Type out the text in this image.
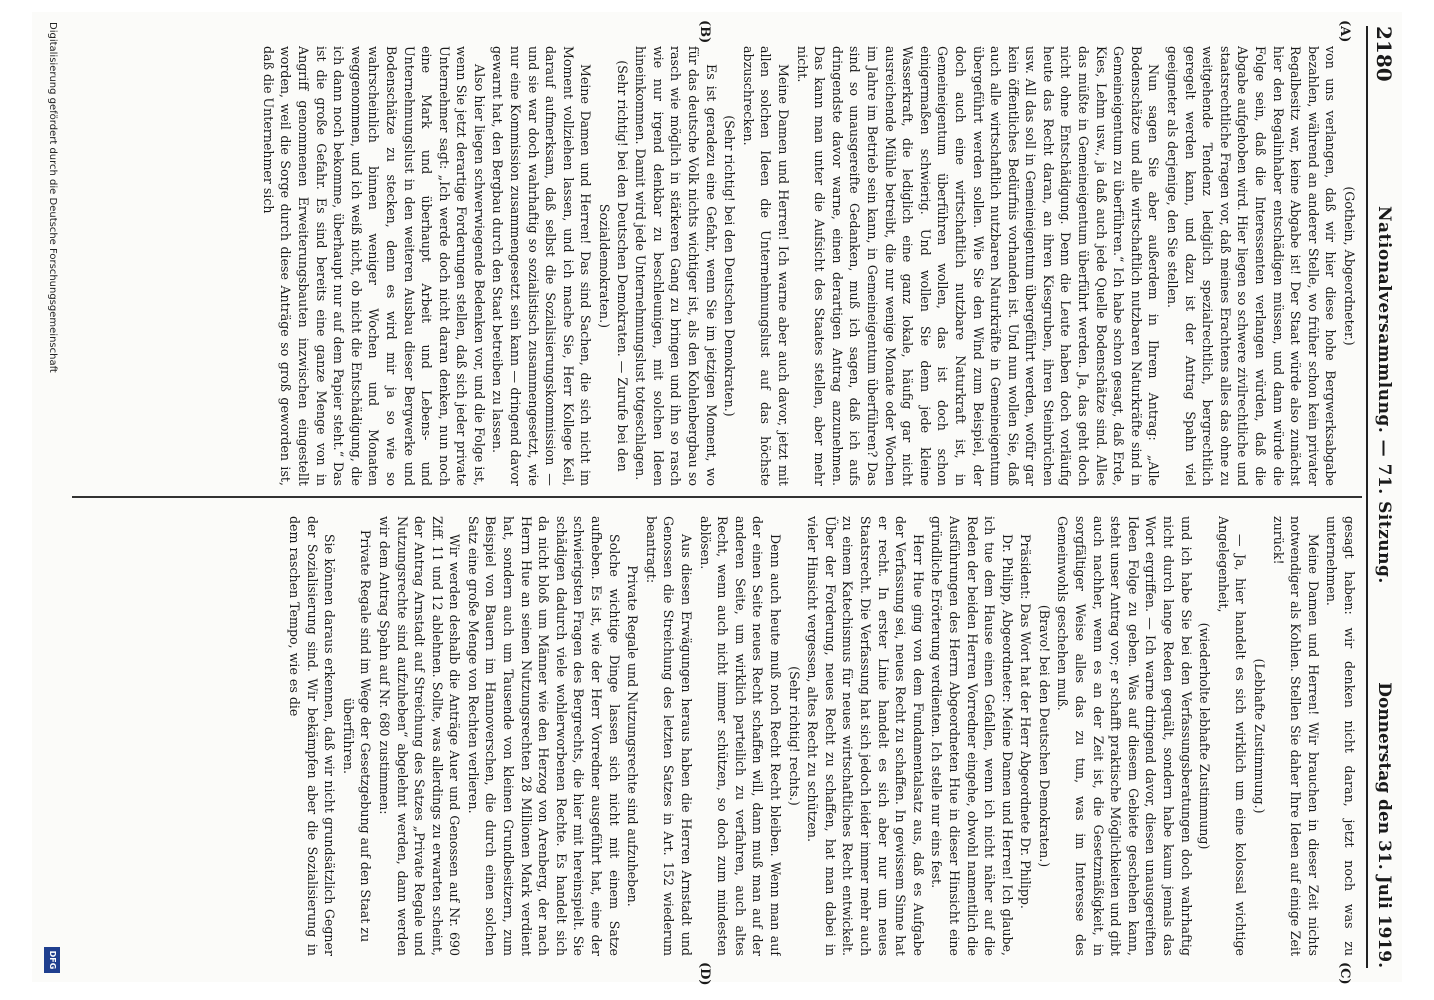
2180
Nationalversammlung. — 71. Sitzung.
Donnerstag den 31. Juli 1919.
(A)
(B)
(C)
(D)

(Gothein, Abgeordneter.)

von uns verlangen, daß wir hier diese hohe Bergwerksabgabe bezahlen, während an anderer Stelle, wo früher schon kein privater Regalbesitz war, keine Abgabe ist! Der Staat würde also zunächst hier den Regalinhaber entschädigen müssen, und dann würde die Folge sein, daß die Interessenten verlangen würden, daß die Abgabe aufgehoben wird. Hier liegen so schwere zivilrechtliche und staatsrechtliche Fragen vor, daß meines Erachtens alles das ohne zu weitgehende Tendenz lediglich spezialrechtlich, bergrechtlich geregelt werden kann, und dazu ist der Antrag Spahn viel geeigneter als derjenige, den Sie stellen.

Nun sagen Sie aber außerdem in Ihrem Antrag: „Alle Bodenschätze und alle wirtschaftlich nutzbaren Naturkräfte sind in Gemeineigentum zu überführen.“ Ich habe schon gesagt, daß Erde, Kies, Lehm usw., ja daß auch jede Quelle Bodenschätze sind. Alles das müßte in Gemeineigentum überführt werden. Ja, das geht doch nicht ohne Entschädigung. Denn die Leute haben doch vorläufig heute das Recht daran, an ihren Kiesgruben, ihren Steinbrüchen usw. All das soll in Gemeineigentum übergeführt werden, wofür gar kein öffentliches Bedürfnis vorhanden ist. Und nun wollen Sie, daß auch alle wirtschaftlich nutzbaren Naturkräfte in Gemeineigentum übergeführt werden sollen. Wie Sie den Wind zum Beispiel, der doch auch eine wirtschaftlich nutzbare Naturkraft ist, in Gemeineigentum überführen wollen, das ist doch schon einigermaßen schwierig. Und wollen Sie denn jede kleine Wasserkraft, die lediglich eine ganz lokale, häufig gar nicht ausreichende Mühle betreibt, die nur wenige Monate oder Wochen im Jahre im Betrieb sein kann, in Gemeineigentum überführen? Das sind so unausgereifte Gedanken, muß ich sagen, daß ich aufs dringendste davor warne, einen derartigen Antrag anzunehmen. Das kann man unter die Aufsicht des Staates stellen, aber mehr nicht.

Meine Damen und Herren! Ich warne aber auch davor, jetzt mit allen solchen Ideen die Unternehmungslust auf das höchste abzuschrecken.

(Sehr richtig! bei den Deutschen Demokraten.)

Es ist geradezu eine Gefahr, wenn Sie im jetzigen Moment, wo für das deutsche Volk nichts wichtiger ist, als den Kohlenbergbau so rasch wie möglich in stärkeren Gang zu bringen und ihn so rasch wie nur irgend denkbar zu beschleunigen, mit solchen Ideen hineinkommen. Damit wird jede Unternehmungslust totgeschlagen.

(Sehr richtig! bei den Deutschen Demokraten. — Zurufe bei den Sozialdemokraten.)

Meine Damen und Herren! Das sind Sachen, die sich nicht im Moment vollziehen lassen, und ich mache Sie, Herr Kollege Keil, darauf aufmerksam, daß selbst die Sozialisierungskommission — und sie war doch wahrhaftig so sozialistisch zusammengesetzt, wie nur eine Kommission zusammengesetzt sein kann — dringend davor gewarnt hat, den Bergbau durch den Staat betreiben zu lassen.

Also hier liegen schwerwiegende Bedenken vor, und die Folge ist, wenn Sie jetzt derartige Forderungen stellen, daß sich jeder private Unternehmer sagt: „Ich werde doch nicht daran denken, nun noch eine Mark und überhaupt Arbeit und Lebens- und Unternehmungslust in den weiteren Ausbau dieser Bergwerke und Bodenschätze zu stecken, denn es wird mir ja so wie so wahrscheinlich binnen weniger Wochen und Monaten weggenommen, und ich weiß nicht, ob nicht die Entschädigung, die ich dann noch bekomme, überhaupt nur auf dem Papier steht.“ Das ist die große Gefahr. Es sind bereits eine ganze Menge von in Angriff genommenen Erweiterungsbauten inzwischen eingestellt worden, weil die Sorge durch diese Anträge so groß geworden ist, daß die Unternehmer sich

gesagt haben: wir denken nicht daran, jetzt noch was zu unternehmen.

Meine Damen und Herren! Wir brauchen in dieser Zeit nichts notwendiger als Kohlen. Stellen Sie daher Ihre Ideen auf einige Zeit zurück!

(Lebhafte Zustimmung.)

— Ja, hier handelt es sich wirklich um eine kolossal wichtige Angelegenheit,

(wiederholte lebhafte Zustimmung)

und ich habe Sie bei den Verfassungsberatungen doch wahrhaftig nicht durch lange Reden gequält, sondern habe kaum jemals das Wort ergriffen. — Ich warne dringend davor, diesen unausgereiften Ideen Folge zu geben. Was auf diesem Gebiete geschehen kann, steht unser Antrag vor; er schafft praktische Möglichkeiten und gibt auch nachher, wenn es an der Zeit ist, die Gesetzmäßigkeit, in sorgfältiger Weise alles das zu tun, was im Interesse des Gemeinwohls geschehen muß.

(Bravo! bei den Deutschen Demokraten.)

Präsident: Das Wort hat der Herr Abgeordnete Dr. Philipp.

Dr. Philipp, Abgeordneter: Meine Damen und Herren! Ich glaube, ich tue dem Hause einen Gefallen, wenn ich nicht näher auf die Reden der beiden Herren Vorredner eingehe, obwohl namentlich die Ausführungen des Herrn Abgeordneten Hue in dieser Hinsicht eine gründliche Erörterung verdienten. Ich stelle nur eins fest.

Herr Hue ging von dem Fundamentalsatz aus, daß es Aufgabe der Verfassung sei, neues Recht zu schaffen. In gewissem Sinne hat er recht. In erster Linie handelt es sich aber nur um neues Staatsrecht. Die Verfassung hat sich jedoch leider immer mehr auch zu einem Katechismus für neues wirtschaftliches Recht entwickelt. Über der Forderung, neues Recht zu schaffen, hat man dabei in vieler Hinsicht vergessen, altes Recht zu schützen.

(Sehr richtig! rechts.)

Denn auch heute muß noch Recht Recht bleiben. Wenn man auf der einen Seite neues Recht schaffen will, dann muß man auf der anderen Seite, um wirklich parteilich zu verfahren, auch altes Recht, wenn auch nicht immer schützen, so doch zum mindesten ablösen.

Aus diesen Erwägungen heraus haben die Herren Arnstadt und Genossen die Streichung des letzten Satzes in Art. 152 wiederum beantragt:

Private Regale und Nutzungsrechte sind aufzuheben.

Solche wichtige Dinge lassen sich nicht mit einem Satze aufheben. Es ist, wie der Herr Vorredner ausgeführt hat, eine der schwierigsten Fragen des Bergrechts, die hier mit hereinspielt. Sie schädigen dadurch viele wohlerworbenen Rechte. Es handelt sich da nicht bloß um Männer wie den Herzog von Arenberg, der nach Herrn Hue an seinen Nutzungsrechten 28 Millionen Mark verdient hat, sondern auch um Tausende von kleinen Grundbesitzern, zum Beispiel von Bauern im Hannoverschen, die durch einen solchen Satz eine große Menge von Rechten verlieren.

Wir werden deshalb die Anträge Auer und Genossen auf Nr. 690 Ziff. 11 und 12 ablehnen. Sollte, was allerdings zu erwarten scheint, der Antrag Arnstadt auf Streichung des Satzes „Private Regale und Nutzungsrechte sind aufzuheben“ abgelehnt werden, dann werden wir dem Antrag Spahn auf Nr. 680 zustimmen:

Private Regale sind im Wege der Gesetzgebung auf den Staat zu überführen.

Sie können daraus erkennen, daß wir nicht grundsätzlich Gegner der Sozialisierung sind. Wir bekämpfen aber die Sozialisierung in dem raschen Tempo, wie es die

Digitalisierung gefördert durch die Deutsche Forschungsgemeinschaft
DFG
